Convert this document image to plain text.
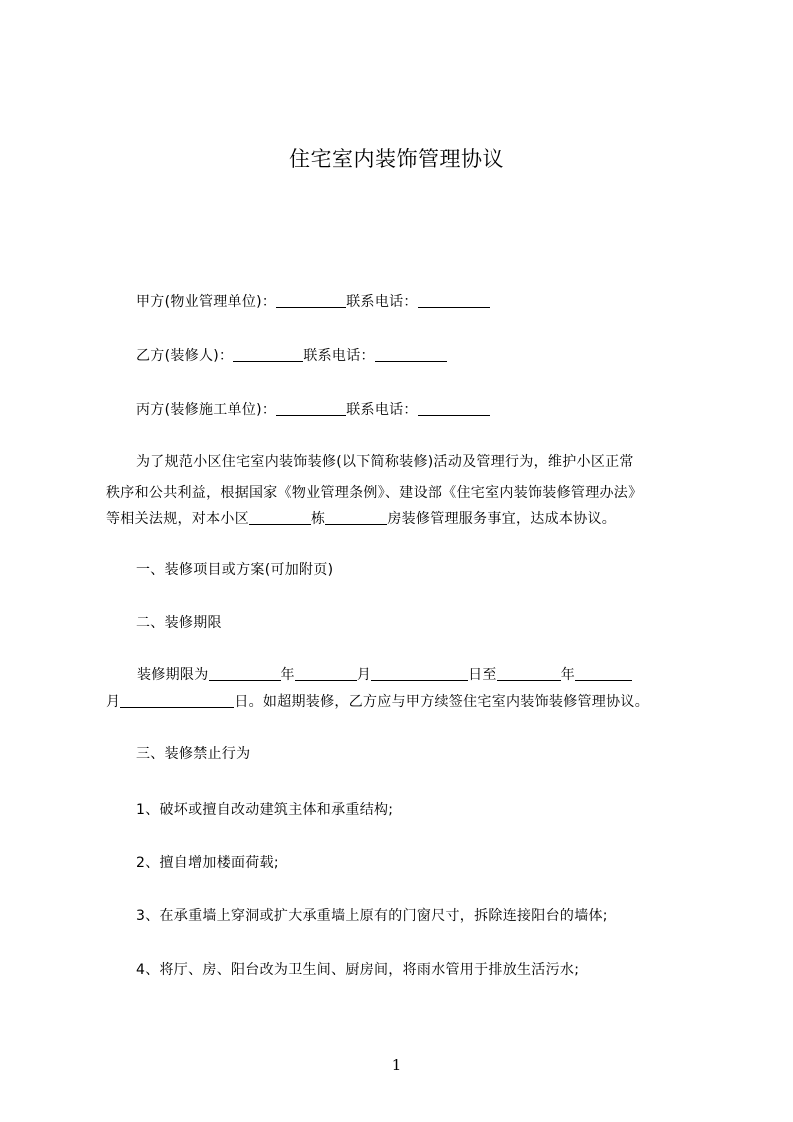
住宅室内装饰管理协议
甲方(物业管理单位)：	联系电话：
乙方(装修人)：	联系电话：
丙方(装修施工单位)：	联系电话：
为了规范小区住宅室内装饰装修(以下简称装修)活动及管理行为，维护小区正常
秩序和公共利益，根据国家《物业管理条例》、建设部《住宅室内装饰装修管理办法》
等相关法规，对本小区	栋	房装修管理服务事宜，达成本协议。
一、装修项目或方案(可加附页)
二、装修期限
装修期限为	年	月	日至	年
月	日。如超期装修，乙方应与甲方续签住宅室内装饰装修管理协议。
三、装修禁止行为
1、破坏或擅自改动建筑主体和承重结构;
2、擅自增加楼面荷载;
3、在承重墙上穿洞或扩大承重墙上原有的门窗尺寸，拆除连接阳台的墙体;
4、将厅、房、阳台改为卫生间、厨房间，将雨水管用于排放生活污水;
1
